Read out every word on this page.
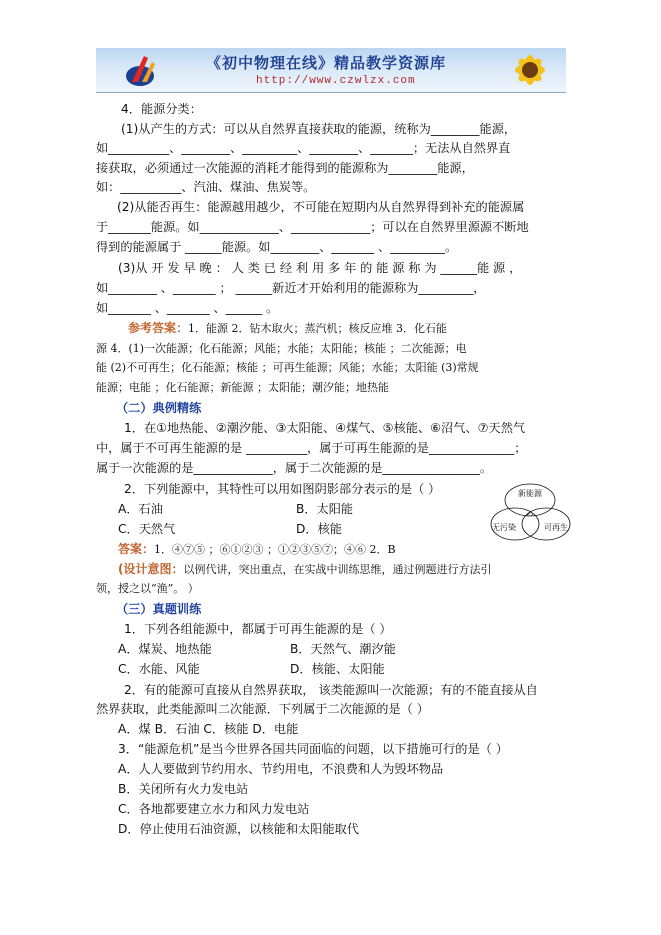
《初中物理在线》精品教学资源库
http://www.czwlzx.com
4．能源分类：
(1)从产生的方式：可以从自然界直接获取的能源，统称为________能源，
如__________、________、_________、________、_______；无法从自然界直
接获取，必须通过一次能源的消耗才能得到的能源称为________能源，
如：__________、汽油、煤油、焦炭等。
(2)从能否再生：能源越用越少，不可能在短期内从自然界得到补充的能源属
于_______能源。如_____________、_____________；可以在自然界里源源不断地
得到的能源属于 ______能源。如________、_______ 、_________。
(3)从 开 发 早 晚 ： 人 类 已 经 利 用 多 年 的 能 源 称 为 ______能 源 ，
如________ 、_______ ； ______新近才开始利用的能源称为_________，
如_______ 、_______ 、______ 。
参考答案：1．能源 2．钻木取火；蒸汽机；核反应堆 3．化石能
源 4．(1)一次能源；化石能源；风能；水能；太阳能；核能 ；二次能源；电
能 (2)不可再生；化石能源；核能 ；可再生能源；风能；水能；太阳能 (3)常规
能源；电能 ；化石能源；新能源 ；太阳能；潮汐能；地热能
（二）典例精练
1．在①地热能、②潮汐能、③太阳能、④煤气、⑤核能、⑥沼气、⑦天然气
中，属于不可再生能源的是 __________，属于可再生能源的是______________；
属于一次能源的是_____________，属于二次能源的是________________。
2．下列能源中，其特性可以用如图阴影部分表示的是（ ）
A．石油	B．太阳能
C．天然气	D．核能
新能源
无污染	可再生
答案：1．④⑦⑤ ；⑥①②③ ；①②③⑤⑦；④⑥ 2．B
(设计意图：以例代讲，突出重点，在实战中训练思维，通过例题进行方法引
领，授之以“渔”。 ）
（三）真题训练
1．下列各组能源中，都属于可再生能源的是（ ）
A．煤炭、地热能	B．天然气、潮汐能
C．水能、风能	D．核能、太阳能
2．有的能源可直接从自然界获取， 该类能源叫一次能源；有的不能直接从自
然界获取，此类能源叫二次能源．下列属于二次能源的是（ ）
A．煤 B．石油 C．核能 D．电能
3．“能源危机”是当今世界各国共同面临的问题，以下措施可行的是（ ）
A．人人要做到节约用水、节约用电，不浪费和人为毁坏物品
B．关闭所有火力发电站
C．各地都要建立水力和风力发电站
D．停止使用石油资源，以核能和太阳能取代
